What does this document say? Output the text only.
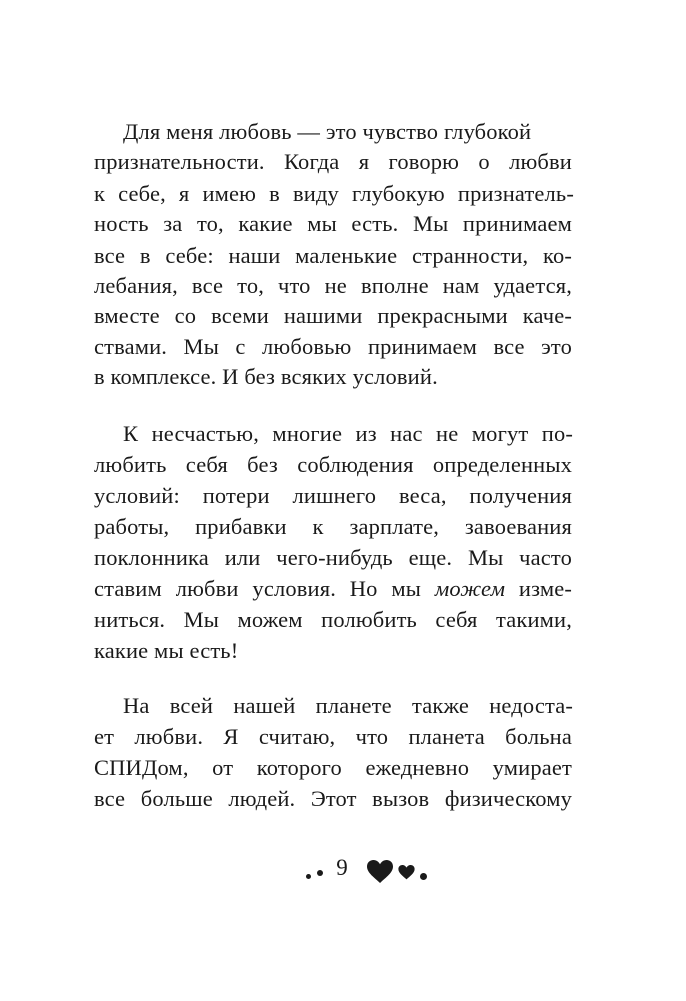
Для меня любовь — это чувство глубокой
признательности. Когда я говорю о любви
к себе, я имею в виду глубокую признатель-
ность за то, какие мы есть. Мы принимаем
все в себе: наши маленькие странности, ко-
лебания, все то, что не вполне нам удается,
вместе со всеми нашими прекрасными каче-
ствами. Мы с любовью принимаем все это
в комплексе. И без всяких условий.
К несчастью, многие из нас не могут по-
любить себя без соблюдения определенных
условий: потери лишнего веса, получения
работы, прибавки к зарплате, завоевания
поклонника или чего-нибудь еще. Мы часто
ставим любви условия. Но мы можем изме-
ниться. Мы можем полюбить себя такими,
какие мы есть!
На всей нашей планете также недоста-
ет любви. Я считаю, что планета больна
СПИДом, от которого ежедневно умирает
все больше людей. Этот вызов физическому
9
